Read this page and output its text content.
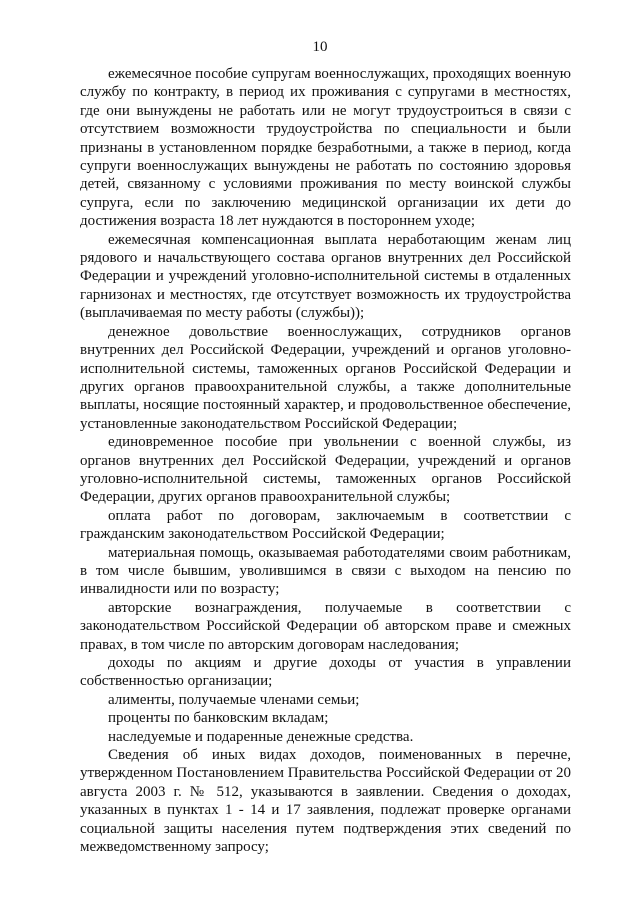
10

ежемесячное пособие супругам военнослужащих, проходящих военную службу по контракту, в период их проживания с супругами в местностях, где они вынуждены не работать или не могут трудоустроиться в связи с отсутствием возможности трудоустройства по специальности и были признаны в установленном порядке безработными, а также в период, когда супруги военнослужащих вынуждены не работать по состоянию здоровья детей, связанному с условиями проживания по месту воинской службы супруга, если по заключению медицинской организации их дети до достижения возраста 18 лет нуждаются в постороннем уходе;

ежемесячная компенсационная выплата неработающим женам лиц рядового и начальствующего состава органов внутренних дел Российской Федерации и учреждений уголовно-исполнительной системы в отдаленных гарнизонах и местностях, где отсутствует возможность их трудоустройства (выплачиваемая по месту работы (службы));

денежное довольствие военнослужащих, сотрудников органов внутренних дел Российской Федерации, учреждений и органов уголовно-исполнительной системы, таможенных органов Российской Федерации и других органов правоохранительной службы, а также дополнительные выплаты, носящие постоянный характер, и продовольственное обеспечение, установленные законодательством Российской Федерации;

единовременное пособие при увольнении с военной службы, из органов внутренних дел Российской Федерации, учреждений и органов уголовно-исполнительной системы, таможенных органов Российской Федерации, других органов правоохранительной службы;

оплата работ по договорам, заключаемым в соответствии с гражданским законодательством Российской Федерации;

материальная помощь, оказываемая работодателями своим работникам, в том числе бывшим, уволившимся в связи с выходом на пенсию по инвалидности или по возрасту;

авторские вознаграждения, получаемые в соответствии с законодательством Российской Федерации об авторском праве и смежных правах, в том числе по авторским договорам наследования;

доходы по акциям и другие доходы от участия в управлении собственностью организации;

алименты, получаемые членами семьи;

проценты по банковским вкладам;

наследуемые и подаренные денежные средства.

Сведения об иных видах доходов, поименованных в перечне, утвержденном Постановлением Правительства Российской Федерации от 20 августа 2003 г. № 512, указываются в заявлении. Сведения о доходах, указанных в пунктах 1 - 14 и 17 заявления, подлежат проверке органами социальной защиты населения путем подтверждения этих сведений по межведомственному запросу;
